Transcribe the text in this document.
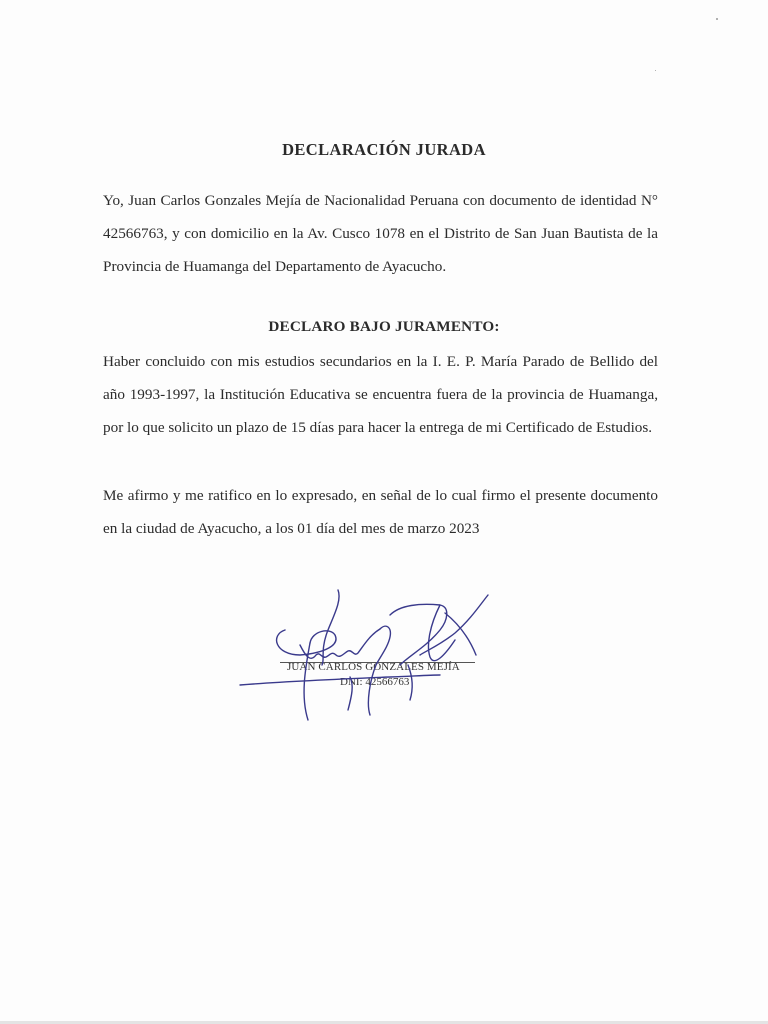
DECLARACIÓN JURADA

Yo, Juan Carlos Gonzales Mejía de Nacionalidad Peruana con documento de identidad N°
42566763, y con domicilio en la Av. Cusco 1078 en el Distrito de San Juan Bautista de la
Provincia de Huamanga del Departamento de Ayacucho.

DECLARO BAJO JURAMENTO:

Haber concluido con mis estudios secundarios en la I. E. P. María Parado de Bellido del
año 1993-1997, la Institución Educativa se encuentra fuera de la provincia de Huamanga,
por lo que solicito un plazo de 15 días para hacer la entrega de mi Certificado de Estudios.

Me afirmo y me ratifico en lo expresado, en señal de lo cual firmo el presente documento
en la ciudad de Ayacucho, a los 01 día del mes de marzo 2023

JUAN CARLOS GONZALES MEJÍA
DNI: 42566763
